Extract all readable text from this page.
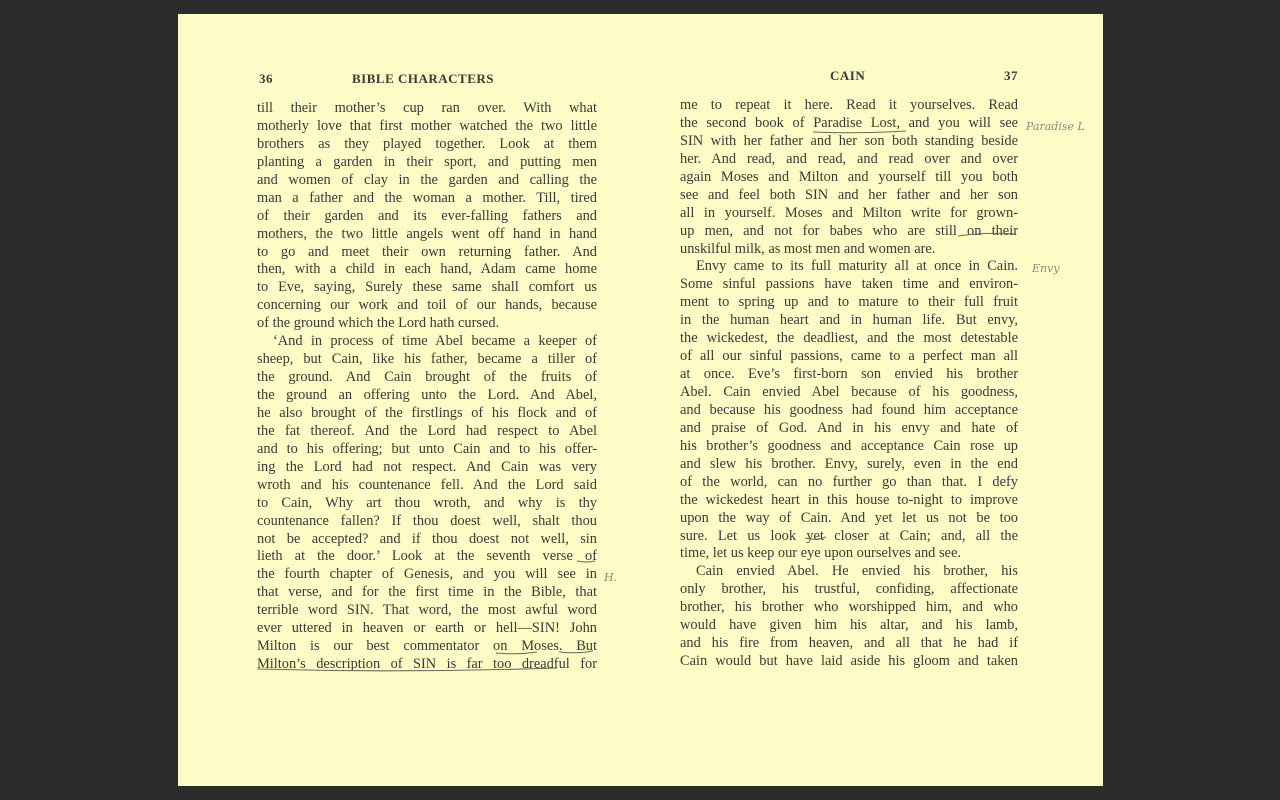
36	BIBLE CHARACTERS
till their mother’s cup ran over. With what
motherly love that first mother watched the two little
brothers as they played together. Look at them
planting a garden in their sport, and putting men
and women of clay in the garden and calling the
man a father and the woman a mother. Till, tired
of their garden and its ever-falling fathers and
mothers, the two little angels went off hand in hand
to go and meet their own returning father. And
then, with a child in each hand, Adam came home
to Eve, saying, Surely these same shall comfort us
concerning our work and toil of our hands, because
of the ground which the Lord hath cursed.
‘And in process of time Abel became a keeper of
sheep, but Cain, like his father, became a tiller of
the ground. And Cain brought of the fruits of
the ground an offering unto the Lord. And Abel,
he also brought of the firstlings of his flock and of
the fat thereof. And the Lord had respect to Abel
and to his offering; but unto Cain and to his offer-
ing the Lord had not respect. And Cain was very
wroth and his countenance fell. And the Lord said
to Cain, Why art thou wroth, and why is thy
countenance fallen? If thou doest well, shalt thou
not be accepted? and if thou doest not well, sin
lieth at the door.’ Look at the seventh verse of
the fourth chapter of Genesis, and you will see in
that verse, and for the first time in the Bible, that
terrible word SIN. That word, the most awful word
ever uttered in heaven or earth or hell—SIN! John
Milton is our best commentator on Moses. But
Milton’s description of SIN is far too dreadful for
H.
CAIN	37
me to repeat it here. Read it yourselves. Read
the second book of Paradise Lost, and you will see
SIN with her father and her son both standing beside
her. And read, and read, and read over and over
again Moses and Milton and yourself till you both
see and feel both SIN and her father and her son
all in yourself. Moses and Milton write for grown-
up men, and not for babes who are still on their
unskilful milk, as most men and women are.
Envy came to its full maturity all at once in Cain.
Some sinful passions have taken time and environ-
ment to spring up and to mature to their full fruit
in the human heart and in human life. But envy,
the wickedest, the deadliest, and the most detestable
of all our sinful passions, came to a perfect man all
at once. Eve’s first-born son envied his brother
Abel. Cain envied Abel because of his goodness,
and because his goodness had found him acceptance
and praise of God. And in his envy and hate of
his brother’s goodness and acceptance Cain rose up
and slew his brother. Envy, surely, even in the end
of the world, can no further go than that. I defy
the wickedest heart in this house to-night to improve
upon the way of Cain. And yet let us not be too
sure. Let us look yet closer at Cain; and, all the
time, let us keep our eye upon ourselves and see.
Cain envied Abel. He envied his brother, his
only brother, his trustful, confiding, affectionate
brother, his brother who worshipped him, and who
would have given him his altar, and his lamb,
and his fire from heaven, and all that he had if
Cain would but have laid aside his gloom and taken
Paradise L
Envy
